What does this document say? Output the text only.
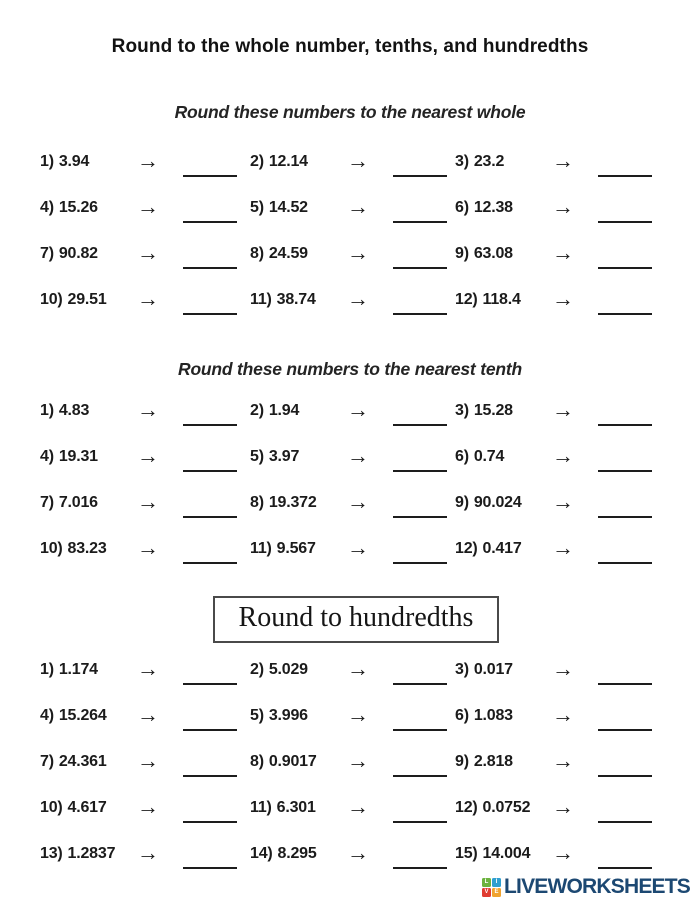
Round to the whole number, tenths, and hundredths
Round these numbers to the nearest whole
1) 3.94 →	2) 12.14 →	3) 23.2 →
4) 15.26 →	5) 14.52 →	6) 12.38 →
7) 90.82 →	8) 24.59 →	9) 63.08 →
10) 29.51 →	11) 38.74 →	12) 118.4 →
Round these numbers to the nearest tenth
1) 4.83 →	2) 1.94 →	3) 15.28 →
4) 19.31 →	5) 3.97 →	6) 0.74 →
7) 7.016 →	8) 19.372 →	9) 90.024 →
10) 83.23 →	11) 9.567 →	12) 0.417 →
Round to hundredths
1) 1.174 →	2) 5.029 →	3) 0.017 →
4) 15.264 →	5) 3.996 →	6) 1.083 →
7) 24.361 →	8) 0.9017 →	9) 2.818 →
10) 4.617 →	11) 6.301 →	12) 0.0752 →
13) 1.2837 →	14) 8.295 →	15) 14.004 →
L	I
V E LIVEWORKSHEETS
